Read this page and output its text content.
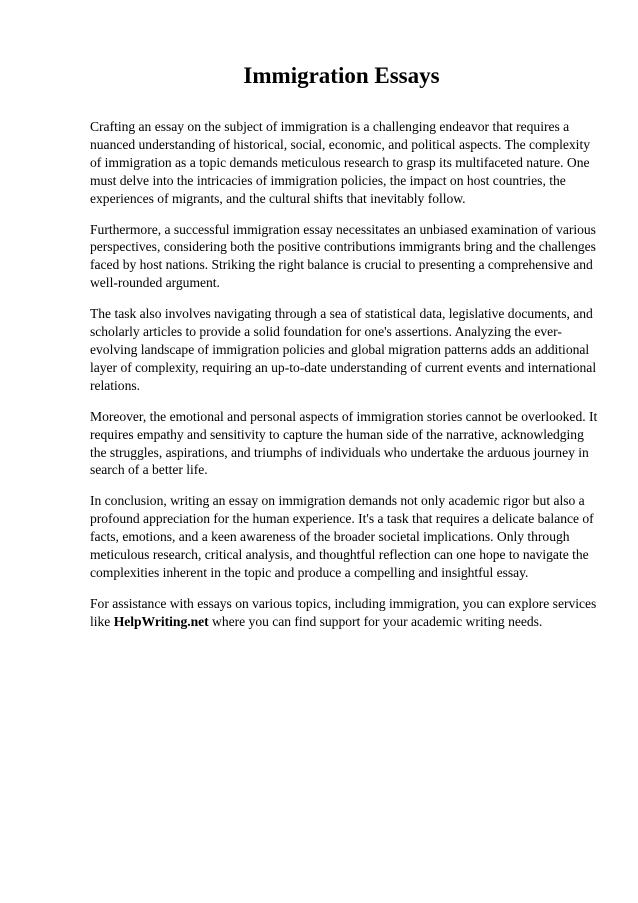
Immigration Essays

Crafting an essay on the subject of immigration is a challenging endeavor that requires a nuanced understanding of historical, social, economic, and political aspects. The complexity of immigration as a topic demands meticulous research to grasp its multifaceted nature. One must delve into the intricacies of immigration policies, the impact on host countries, the experiences of migrants, and the cultural shifts that inevitably follow.

Furthermore, a successful immigration essay necessitates an unbiased examination of various perspectives, considering both the positive contributions immigrants bring and the challenges faced by host nations. Striking the right balance is crucial to presenting a comprehensive and well-rounded argument.

The task also involves navigating through a sea of statistical data, legislative documents, and scholarly articles to provide a solid foundation for one's assertions. Analyzing the ever-evolving landscape of immigration policies and global migration patterns adds an additional layer of complexity, requiring an up-to-date understanding of current events and international relations.

Moreover, the emotional and personal aspects of immigration stories cannot be overlooked. It requires empathy and sensitivity to capture the human side of the narrative, acknowledging the struggles, aspirations, and triumphs of individuals who undertake the arduous journey in search of a better life.

In conclusion, writing an essay on immigration demands not only academic rigor but also a profound appreciation for the human experience. It's a task that requires a delicate balance of facts, emotions, and a keen awareness of the broader societal implications. Only through meticulous research, critical analysis, and thoughtful reflection can one hope to navigate the complexities inherent in the topic and produce a compelling and insightful essay.

For assistance with essays on various topics, including immigration, you can explore services like HelpWriting.net where you can find support for your academic writing needs.
